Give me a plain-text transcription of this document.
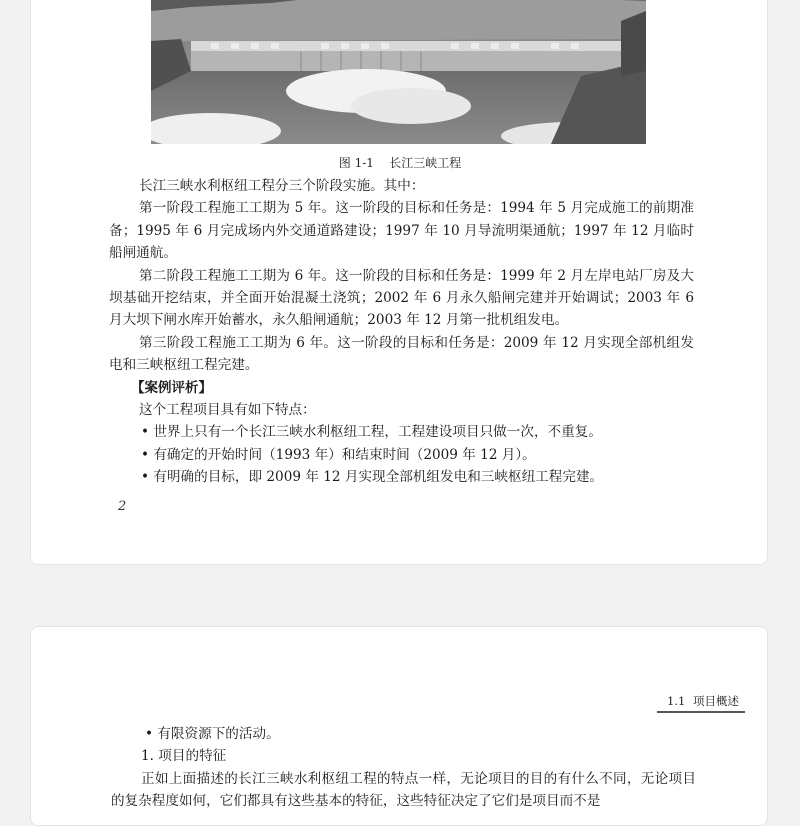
图 1-1 长江三峡工程

长江三峡水利枢纽工程分三个阶段实施。其中：

第一阶段工程施工工期为 5 年。这一阶段的目标和任务是：1994 年 5 月完成施工的前期准备；1995 年 6 月完成场内外交通道路建设；1997 年 10 月导流明渠通航；1997 年 12 月临时船闸通航。

第二阶段工程施工工期为 6 年。这一阶段的目标和任务是：1999 年 2 月左岸电站厂房及大坝基础开挖结束，并全面开始混凝土浇筑；2002 年 6 月永久船闸完建并开始调试；2003 年 6 月大坝下闸水库开始蓄水，永久船闸通航；2003 年 12 月第一批机组发电。

第三阶段工程施工工期为 6 年。这一阶段的目标和任务是：2009 年 12 月实现全部机组发电和三峡枢纽工程完建。

【案例评析】

这个工程项目具有如下特点：

• 世界上只有一个长江三峡水利枢纽工程，工程建设项目只做一次，不重复。

• 有确定的开始时间（1993 年）和结束时间（2009 年 12 月）。

• 有明确的目标，即 2009 年 12 月实现全部机组发电和三峡枢纽工程完建。

2
1.1 项目概述

• 有限资源下的活动。

1. 项目的特征

正如上面描述的长江三峡水利枢纽工程的特点一样，无论项目的目的有什么不同，无论项目的复杂程度如何，它们都具有这些基本的特征，这些特征决定了它们是项目而不是
